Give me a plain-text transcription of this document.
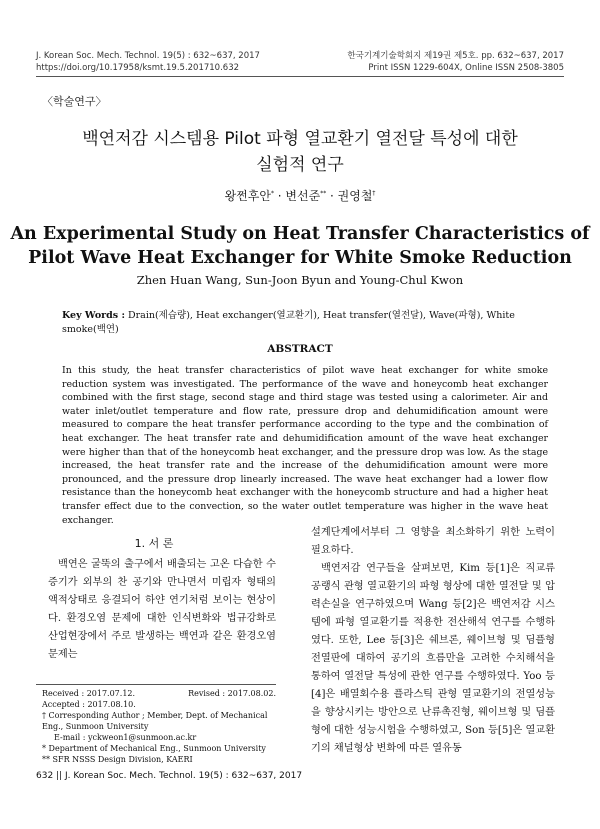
J. Korean Soc. Mech. Technol. 19(5) : 632~637, 2017
https://doi.org/10.17958/ksmt.19.5.201710.632
한국기계기술학회지 제19권 제5호. pp. 632~637, 2017
Print ISSN 1229-604X, Online ISSN 2508-3805
〈학술연구〉
백연저감 시스템용 Pilot 파형 열교환기 열전달 특성에 대한
실험적 연구
왕쩐후안* · 변선준** · 권영철†
An Experimental Study on Heat Transfer Characteristics of
Pilot Wave Heat Exchanger for White Smoke Reduction
Zhen Huan Wang, Sun-Joon Byun and Young-Chul Kwon
Key Words : Drain(제습량), Heat exchanger(열교환기), Heat transfer(열전달), Wave(파형), White smoke(백연)
ABSTRACT
In this study, the heat transfer characteristics of pilot wave heat exchanger for white smoke reduction system was investigated. The performance of the wave and honeycomb heat exchanger combined with the first stage, second stage and third stage was tested using a calorimeter. Air and water inlet/outlet temperature and flow rate, pressure drop and dehumidification amount were measured to compare the heat transfer performance according to the type and the combination of heat exchanger. The heat transfer rate and dehumidification amount of the wave heat exchanger were higher than that of the honeycomb heat exchanger, and the pressure drop was low. As the stage increased, the heat transfer rate and the increase of the dehumidification amount were more pronounced, and the pressure drop linearly increased. The wave heat exchanger had a lower flow resistance than the honeycomb heat exchanger with the honeycomb structure and had a higher heat transfer effect due to the convection, so the water outlet temperature was higher in the wave heat exchanger.
1. 서 론
백연은 굴뚝의 출구에서 배출되는 고온 다습한 수증기가 외부의 찬 공기와 만나면서 미립자 형태의 액적상태로 응결되어 하얀 연기처럼 보이는 현상이다. 환경오염 문제에 대한 인식변화와 법규강화로 산업현장에서 주로 발생하는 백연과 같은 환경오염 문제는
설계단계에서부터 그 영향을 최소화하기 위한 노력이 필요하다.
백연저감 연구들을 살펴보면, Kim 등[1]은 직교류 공랭식 관형 열교환기의 파형 형상에 대한 열전달 및 압력손실을 연구하였으며 Wang 등[2]은 백연저감 시스템에 파형 열교환기를 적용한 전산해석 연구를 수행하였다. 또한, Lee 등[3]은 쉐브론, 웨이브형 및 딤플형 전열판에 대하여 공기의 흐름만을 고려한 수치해석을 통하여 열전달 특성에 관한 연구를 수행하였다. Yoo 등[4]은 배열회수용 플라스틱 관형 열교환기의 전열성능을 향상시키는 방안으로 난류촉진형, 웨이브형 및 딤플형에 대한 성능시험을 수행하였고, Son 등[5]은 열교환기의 채널형상 변화에 따른 열유동
Received : 2017.07.12.	Revised : 2017.08.02.
Accepted : 2017.08.10.
† Corresponding Author ; Member, Dept. of Mechanical Eng., Sunmoon University
E-mail : yckweon1@sunmoon.ac.kr
* Department of Mechanical Eng., Sunmoon University
** SFR NSSS Design Division, KAERI
632 || J. Korean Soc. Mech. Technol. 19(5) : 632~637, 2017
